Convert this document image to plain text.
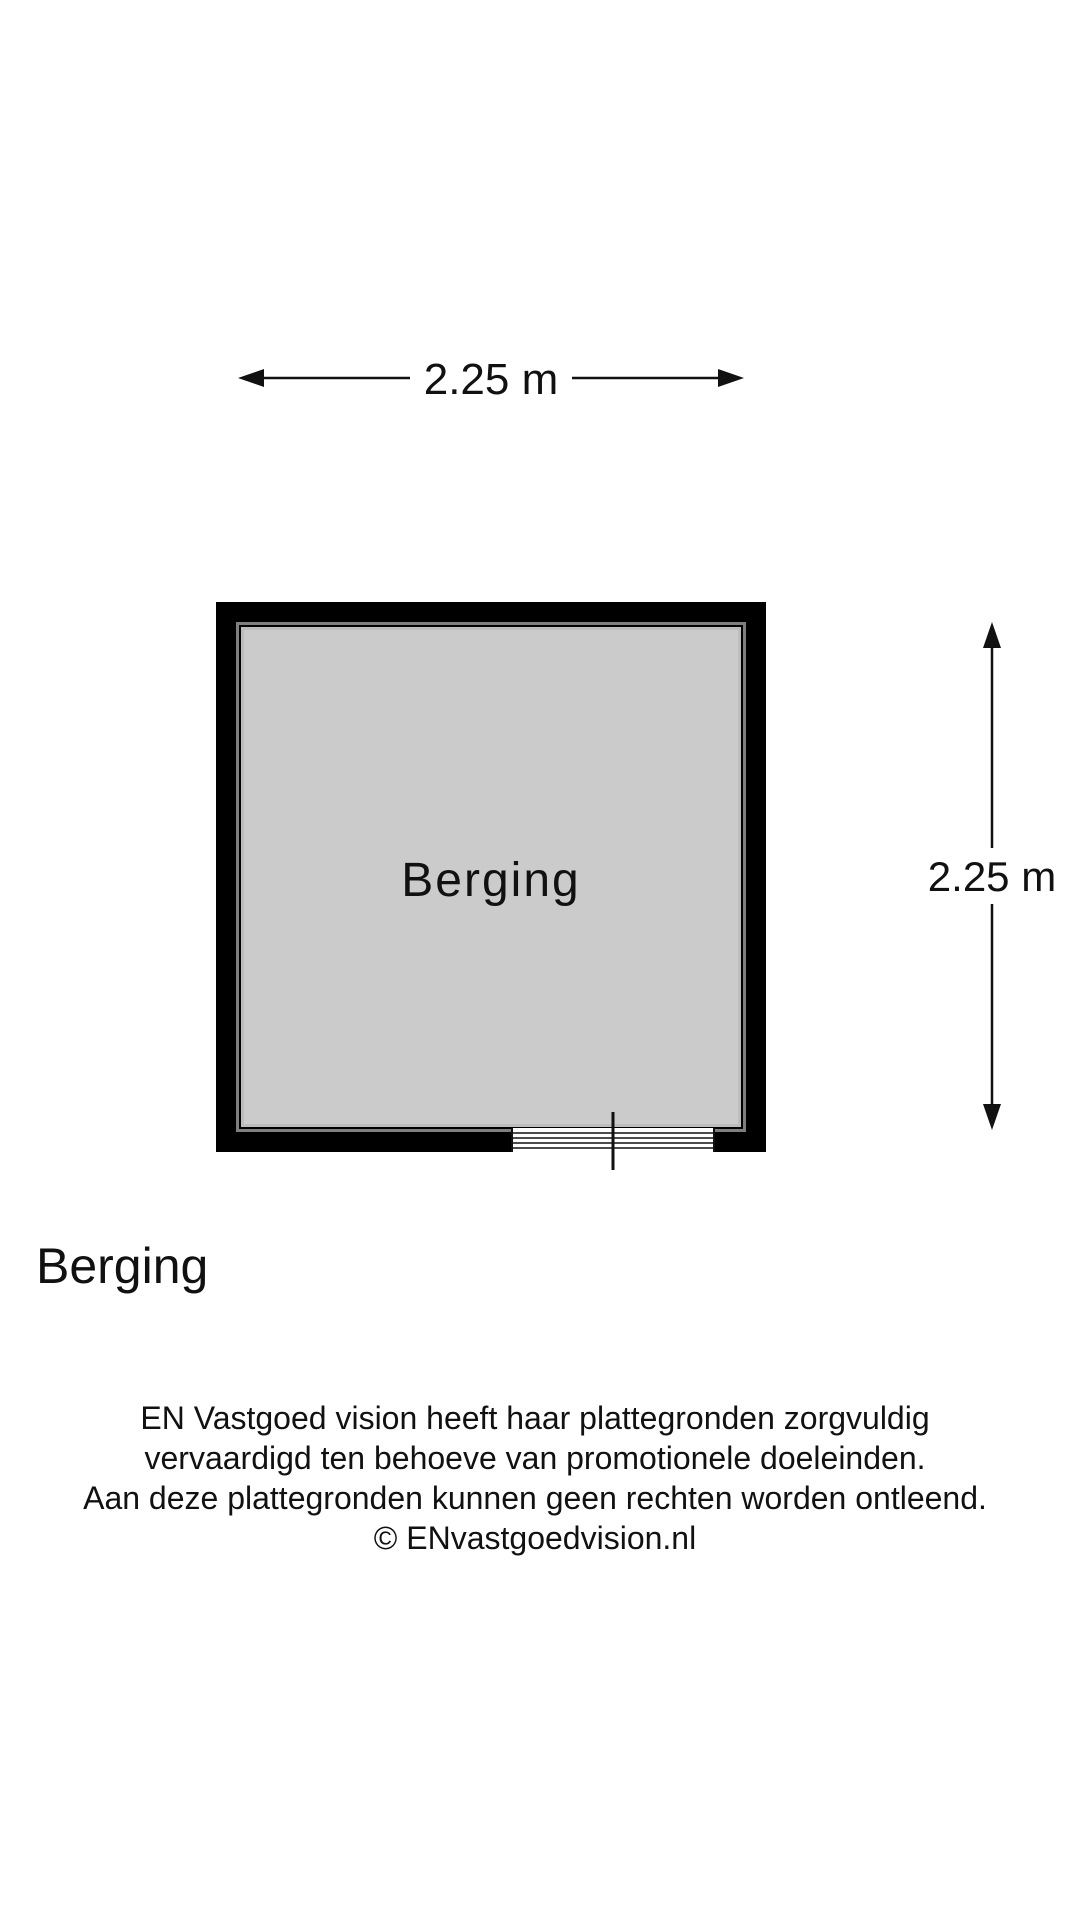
2.25 m
Berging	2.25 m
Berging
EN Vastgoed vision heeft haar plattegronden zorgvuldig
vervaardigd ten behoeve van promotionele doeleinden.
Aan deze plattegronden kunnen geen rechten worden ontleend.
© ENvastgoedvision.nl
